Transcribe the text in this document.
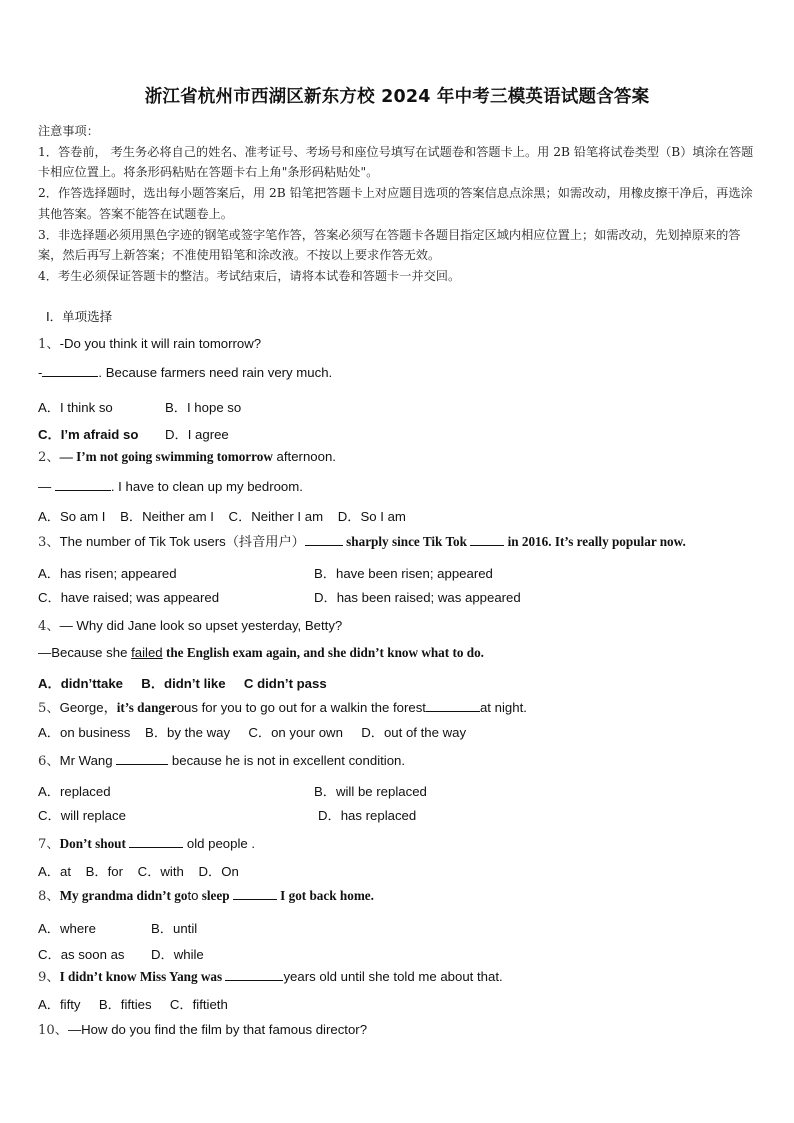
浙江省杭州市西湖区新东方校 2024 年中考三模英语试题含答案

注意事项：

1．答卷前， 考生务必将自己的姓名、准考证号、考场号和座位号填写在试题卷和答题卡上。用 2B 铅笔将试卷类型（B）填涂在答题卡相应位置上。将条形码粘贴在答题卡右上角"条形码粘贴处"。

2．作答选择题时，选出每小题答案后，用 2B 铅笔把答题卡上对应题目选项的答案信息点涂黑；如需改动，用橡皮擦干净后，再选涂其他答案。答案不能答在试题卷上。

3．非选择题必须用黑色字迹的钢笔或签字笔作答，答案必须写在答题卡各题目指定区域内相应位置上；如需改动，先划掉原来的答案，然后再写上新答案；不准使用铅笔和涂改液。不按以上要求作答无效。

4．考生必须保证答题卡的整洁。考试结束后，请将本试卷和答题卡一并交回。

Ⅰ．单项选择
1、-Do you think it will rain tomorrow?
-	. Because farmers need rain very much.
A．I think so	B．I hope so
C．I’m afraid so D．I agree
2、— I’m not going swimming tomorrow afternoon.
—	. I have to clean up my bedroom.
A．So am I    B．Neither am I    C．Neither I am    D．So I am
3、The number of Tik Tok users（抖音用户）	sharply since Tik Tok	in 2016. It’s really popular now.
A．has risen; appeared	B．have been risen; appeared
C．have raised; was appeared	D．has been raised; was appeared
4、— Why did Jane look so upset yesterday, Betty?
—Because she failed the English exam again, and she didn’t know what to do.
A．didn’ttake     B．didn’t like     C didn’t pass
5、George，it’s dangerous for you to go out for a walkin the forest	at night.
A．on business    B．by the way     C．on your own     D．out of the way
6、Mr Wang	because he is not in excellent condition.
A．replaced	B．will be replaced
C．will replace	D．has replaced
7、Don’t shout	old people .
A．at    B．for    C．with    D．On
8、My grandma didn’t goto sleep	I got back home.
A．where	B．until
C．as soon as D．while
9、I didn’t know Miss Yang was	years old until she told me about that.
A．fifty     B．fifties     C．fiftieth
10、—How do you find the film by that famous director?
